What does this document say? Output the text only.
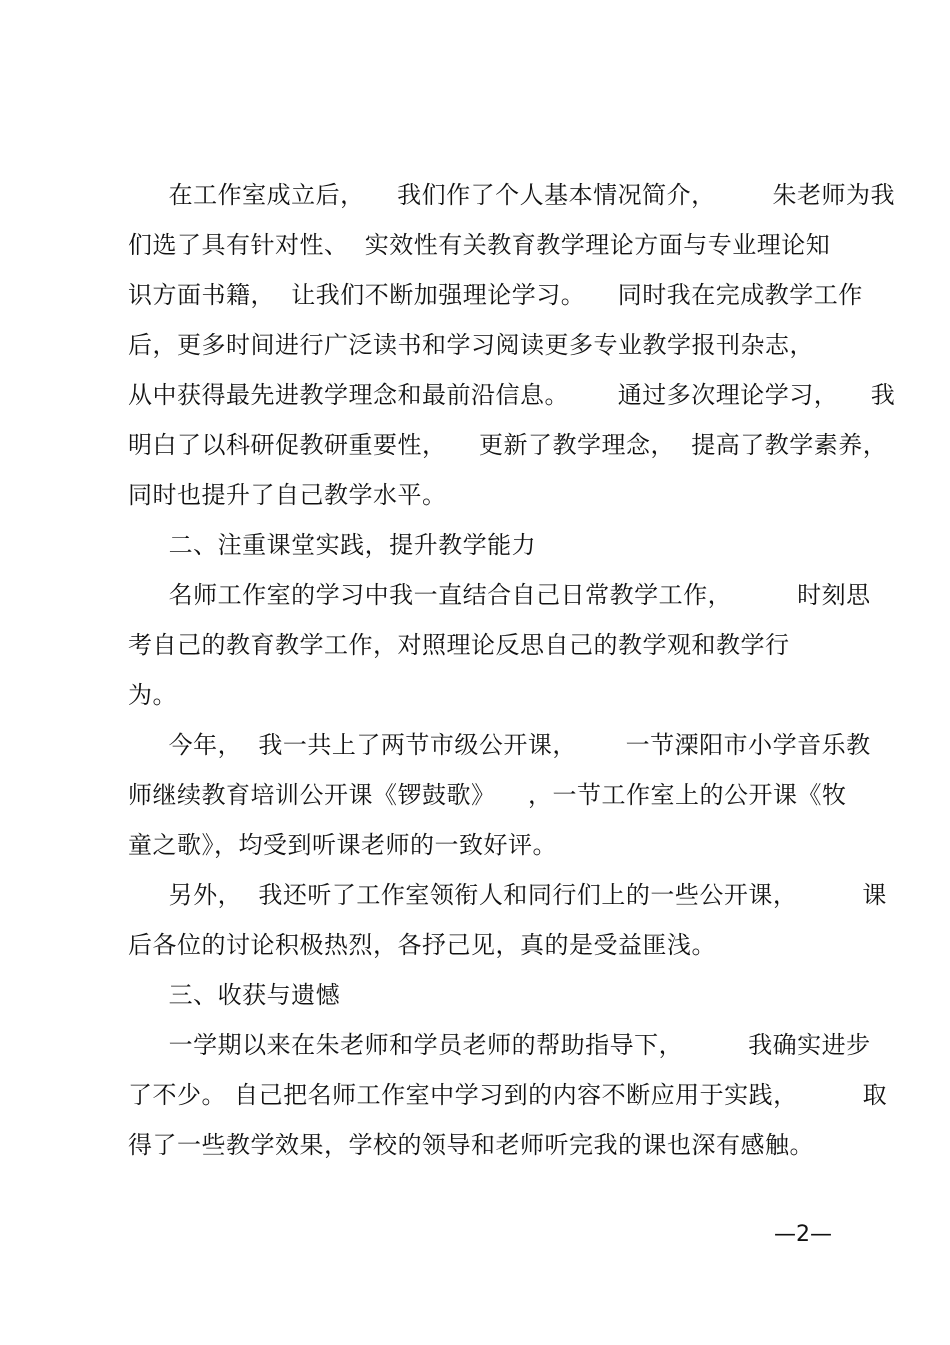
在工作室成立后，    我们作了个人基本情况简介，       朱老师为我
们选了具有针对性、  实效性有关教育教学理论方面与专业理论知
识方面书籍，  让我们不断加强理论学习。    同时我在完成教学工作
后，更多时间进行广泛读书和学习阅读更多专业教学报刊杂志，
从中获得最先进教学理念和最前沿信息。      通过多次理论学习，    我
明白了以科研促教研重要性，    更新了教学理念，  提高了教学素养，
同时也提升了自己教学水平。
二、注重课堂实践，提升教学能力
名师工作室的学习中我一直结合自己日常教学工作，        时刻思
考自己的教育教学工作，对照理论反思自己的教学观和教学行
为。
今年，  我一共上了两节市级公开课，      一节溧阳市小学音乐教
师继续教育培训公开课《锣鼓歌》    ，一节工作室上的公开课《牧
童之歌》，均受到听课老师的一致好评。
另外，  我还听了工作室领衔人和同行们上的一些公开课，        课
后各位的讨论积极热烈，各抒己见，真的是受益匪浅。
三、收获与遗憾
一学期以来在朱老师和学员老师的帮助指导下，        我确实进步
了不少。 自己把名师工作室中学习到的内容不断应用于实践，        取
得了一些教学效果，学校的领导和老师听完我的课也深有感触。
—2—
